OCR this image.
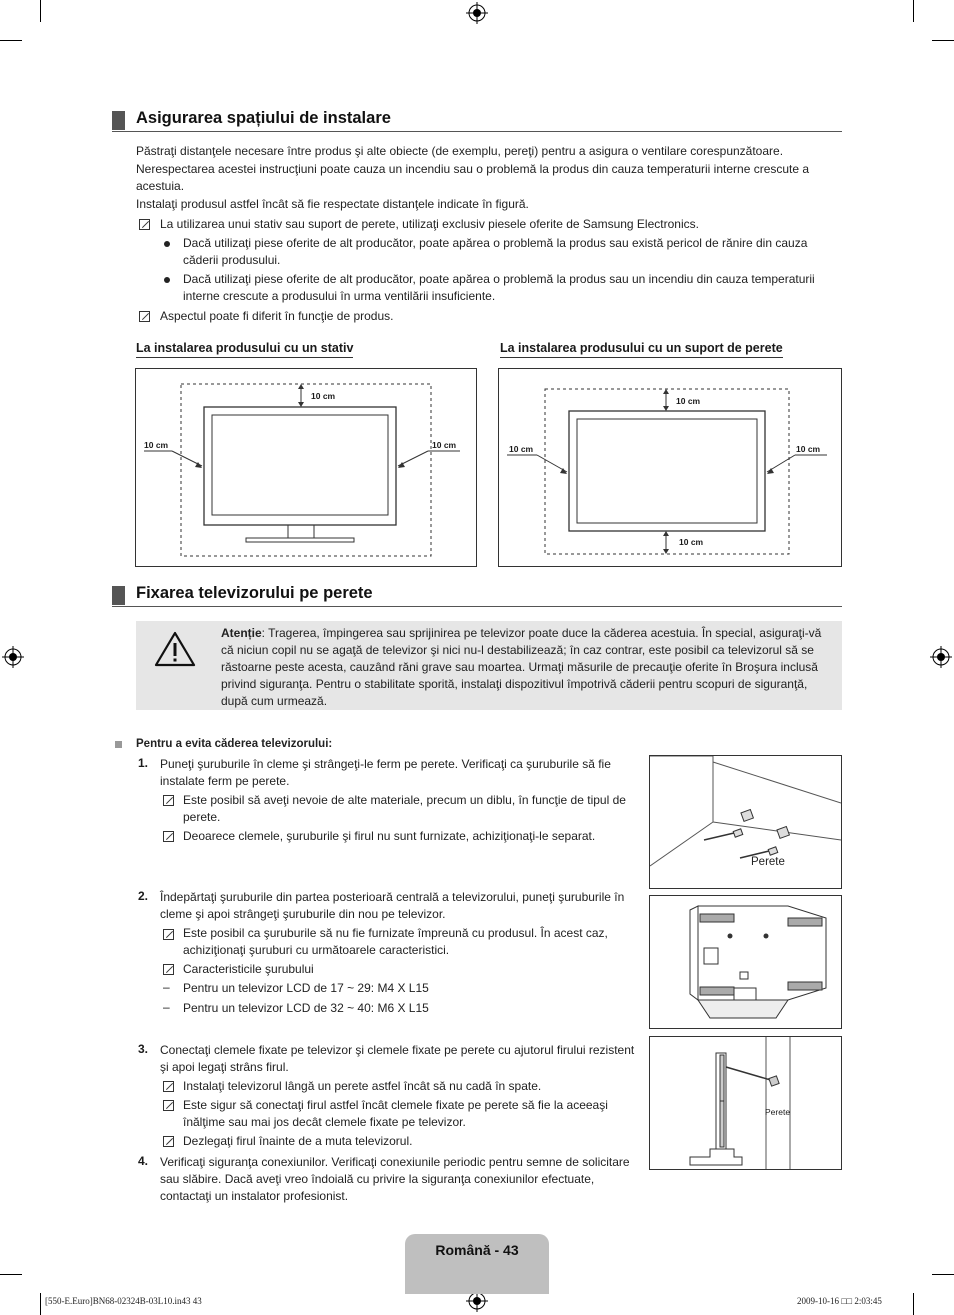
Asigurarea spațiului de instalare
Păstraţi distanţele necesare între produs şi alte obiecte (de exemplu, pereţi) pentru a asigura o ventilare corespunzătoare.
Nerespectarea acestei instrucţiuni poate cauza un incendiu sau o problemă la produs din cauza temperaturii interne crescute a acestuia.
Instalaţi produsul astfel încât să fie respectate distanţele indicate în figură.
La utilizarea unui stativ sau suport de perete, utilizaţi exclusiv piesele oferite de Samsung Electronics.
Dacă utilizaţi piese oferite de alt producător, poate apărea o problemă la produs sau există pericol de rănire din cauza căderii produsului.
Dacă utilizaţi piese oferite de alt producător, poate apărea o problemă la produs sau un incendiu din cauza temperaturii interne crescute a produsului în urma ventilării insuficiente.
Aspectul poate fi diferit în funcţie de produs.
La instalarea produsului cu un stativ	La instalarea produsului cu un suport de perete
10 cm
10 cm	10 cm
10 cm
10 cm	10 cm
10 cm
Fixarea televizorului pe perete
Atenție: Tragerea, împingerea sau sprijinirea pe televizor poate duce la căderea acestuia. În special, asiguraţi-vă că niciun copil nu se agaţă de televizor şi nici nu-l destabilizează; în caz contrar, este posibil ca televizorul să se răstoarne peste acesta, cauzând răni grave sau moartea. Urmaţi măsurile de precauţie oferite în Broşura inclusă privind siguranţa. Pentru o stabilitate sporită, instalaţi dispozitivul împotrivă căderii pentru scopuri de siguranţă, după cum urmează.
Pentru a evita căderea televizorului:
1. Puneţi şuruburile în cleme şi strângeţi-le ferm pe perete. Verificaţi ca şuruburile să fie instalate ferm pe perete.
Este posibil să aveţi nevoie de alte materiale, precum un diblu, în funcţie de tipul de perete.
Deoarece clemele, şuruburile şi firul nu sunt furnizate, achiziţionaţi-le separat.
2. Îndepărtaţi şuruburile din partea posterioară centrală a televizorului, puneţi şuruburile în cleme şi apoi strângeţi şuruburile din nou pe televizor.
Este posibil ca şuruburile să nu fie furnizate împreună cu produsul. În acest caz, achiziţionaţi şuruburi cu următoarele caracteristici.
Caracteristicile şurubului
– Pentru un televizor LCD de 17 ~ 29: M4 X L15
– Pentru un televizor LCD de 32 ~ 40: M6 X L15
3. Conectaţi clemele fixate pe televizor şi clemele fixate pe perete cu ajutorul firului rezistent şi apoi legaţi strâns firul.
Instalaţi televizorul lângă un perete astfel încât să nu cadă în spate.
Este sigur să conectaţi firul astfel încât clemele fixate pe perete să fie la aceeaşi înălţime sau mai jos decât clemele fixate pe televizor.
Dezlegaţi firul înainte de a muta televizorul.
4. Verificaţi siguranţa conexiunilor. Verificaţi conexiunile periodic pentru semne de solicitare sau slăbire. Dacă aveţi vreo îndoială cu privire la siguranţa conexiunilor efectuate, contactaţi un instalator profesionist.
Perete
Perete
Română - 43
[550-E.Euro]BN68-02324B-03L10.in43 43	2009-10-16 □□ 2:03:45
